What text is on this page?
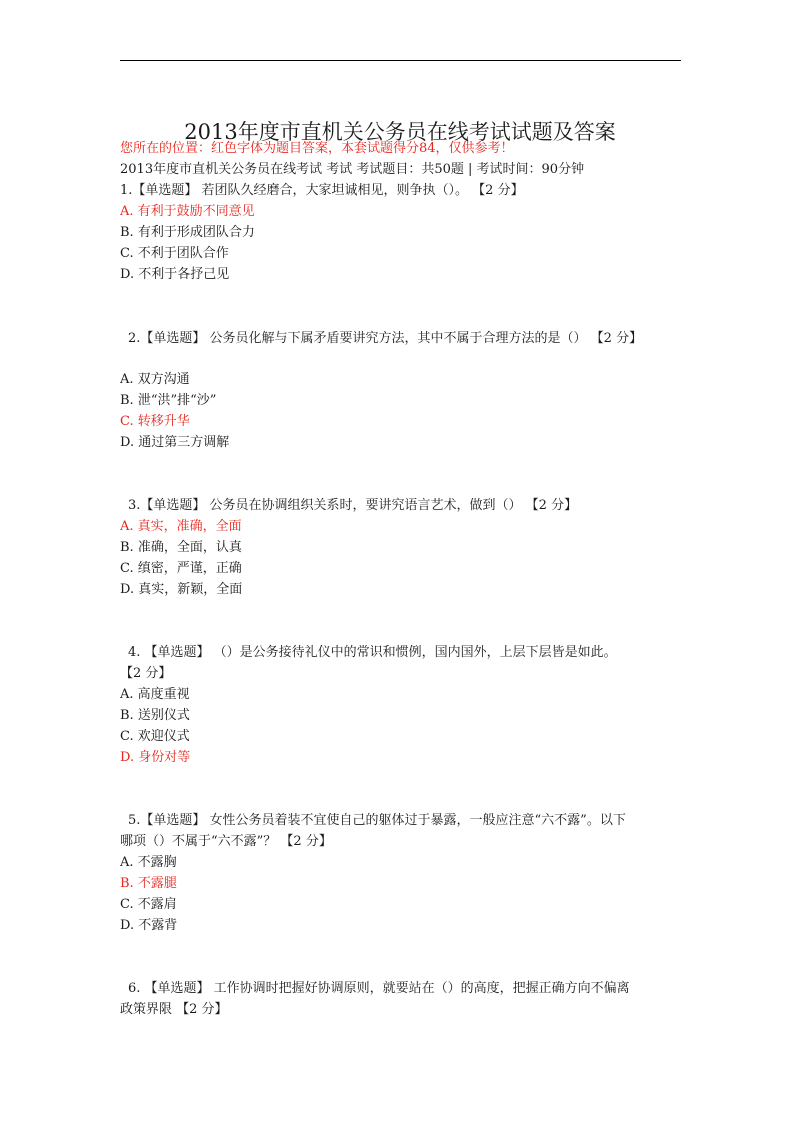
2013年度市直机关公务员在线考试试题及答案
您所在的位置：红色字体为题目答案，本套试题得分84，仅供参考！
2013年度市直机关公务员在线考试 考试 考试题目：共50题 | 考试时间：90分钟
1.【单选题】 若团队久经磨合，大家坦诚相见，则争执（）。 【2 分】
A. 有利于鼓励不同意见
B. 有利于形成团队合力
C. 不利于团队合作
D. 不利于各抒己见
2.【单选题】 公务员化解与下属矛盾要讲究方法，其中不属于合理方法的是（） 【2 分】
A. 双方沟通
B. 泄“洪”排“沙”
C. 转移升华
D. 通过第三方调解
3.【单选题】 公务员在协调组织关系时，要讲究语言艺术，做到（） 【2 分】
A. 真实，准确，全面
B. 准确，全面，认真
C. 缜密，严谨，正确
D. 真实，新颖，全面
4. 【单选题】 （）是公务接待礼仪中的常识和惯例，国内国外，上层下层皆是如此。
【2 分】
A. 高度重视
B. 送别仪式
C. 欢迎仪式
D. 身份对等
5.【单选题】 女性公务员着装不宜使自己的躯体过于暴露，一般应注意“六不露”。以下
哪项（）不属于“六不露”？ 【2 分】
A. 不露胸
B. 不露腿
C. 不露肩
D. 不露背
6. 【单选题】 工作协调时把握好协调原则，就要站在（）的高度，把握正确方向不偏离
政策界限 【2 分】
